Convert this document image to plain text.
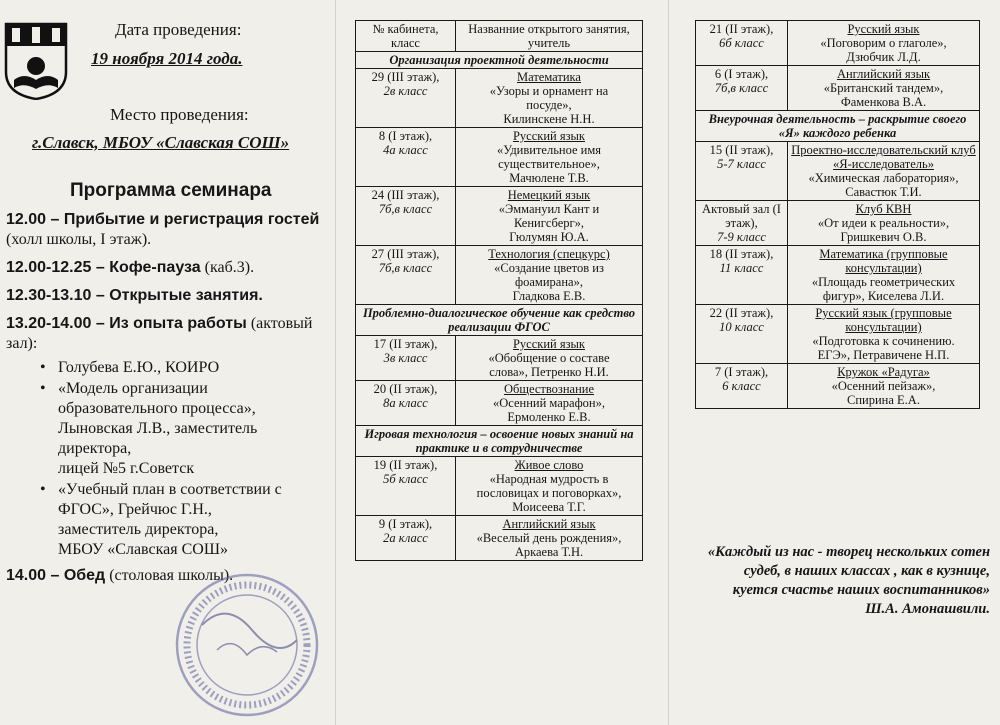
Дата проведения:
19 ноября 2014 года.
Место проведения:
г.Славск, МБОУ «Славская СОШ»
Программа семинара
12.00 – Прибытие и регистрация гостей (холл школы, I этаж).
12.00-12.25 – Кофе-пауза (каб.3).
12.30-13.10 – Открытые занятия.
13.20-14.00 – Из опыта работы (актовый зал):
• Голубева Е.Ю., КОИРО
• «Модель организации
образовательного процесса»,
Лыновская Л.В., заместитель
директора,
лицей №5 г.Советск
• «Учебный план в соответствии с
ФГОС», Грейчюс Г.Н.,
заместитель директора,
МБОУ «Славская СОШ»
14.00 – Обед (столовая школы).
№ кабинета, класс	Названние открытого занятия, учитель
Организация проектной деятельности	

29 (III этаж),
2в класс	Математика
«Узоры и орнамент на
посуде»,
Килинскене Н.Н.

8 (I этаж),
4а класс	Русский язык
«Удивительное имя
существительное»,
Мачюлене Т.В.

24 (III этаж),
7б,в класс	Немецкий язык
«Эммануил Кант и
Кенигсберг»,
Гюлумян Ю.А.

27 (III этаж),
7б,в класс	Технология (спецкурс)
«Создание цветов из
фоамирана»,
Гладкова Е.В.

Проблемно-диалогическое обучение как средство реализации ФГОС	

17 (II этаж),
3в класс	Русский язык
«Обобщение о составе
слова», Петренко Н.И.

20 (II этаж),
8а класс	Обществознание
«Осенний марафон»,
Ермоленко Е.В.

Игровая технология – освоение новых знаний на практике и в сотрудничестве	

19 (II этаж),
5б класс	Живое слово
«Народная мудрость в
пословицах и поговорках»,
Моисеева Т.Г.

9 (I этаж),
2а класс	Английский язык
«Веселый день рождения»,
Аркаева Т.Н.
21 (II этаж),
6б класс	Русский язык
«Поговорим о глаголе»,
Дзюбчик Л.Д.

6 (I этаж),
7б,в класс	Английский язык
«Британский тандем»,
Фаменкова В.А.

Внеурочная деятельность – раскрытие своего «Я» каждого ребенка	

15 (II этаж),
5-7 класс	Проектно-исследовательский клуб «Я-исследователь»
«Химическая лаборатория»,
Савастюк Т.И.

Актовый зал (I этаж),
7-9 класс	Клуб КВН
«От идеи к реальности»,
Гришкевич О.В.

18 (II этаж),
11 класс	Математика (групповые консультации)
«Площадь геометрических
фигур», Киселева Л.И.

22 (II этаж),
10 класс	Русский язык (групповые консультации)
«Подготовка к сочинению.
ЕГЭ», Петравичене Н.П.

7 (I этаж),
6 класс	Кружок «Радуга»
«Осенний пейзаж»,
Спирина Е.А.
«Каждый из нас - творец нескольких сотен судеб, в наших классах , как в кузнице, куется счастье наших воспитанников»
Ш.А. Амонашвили.
